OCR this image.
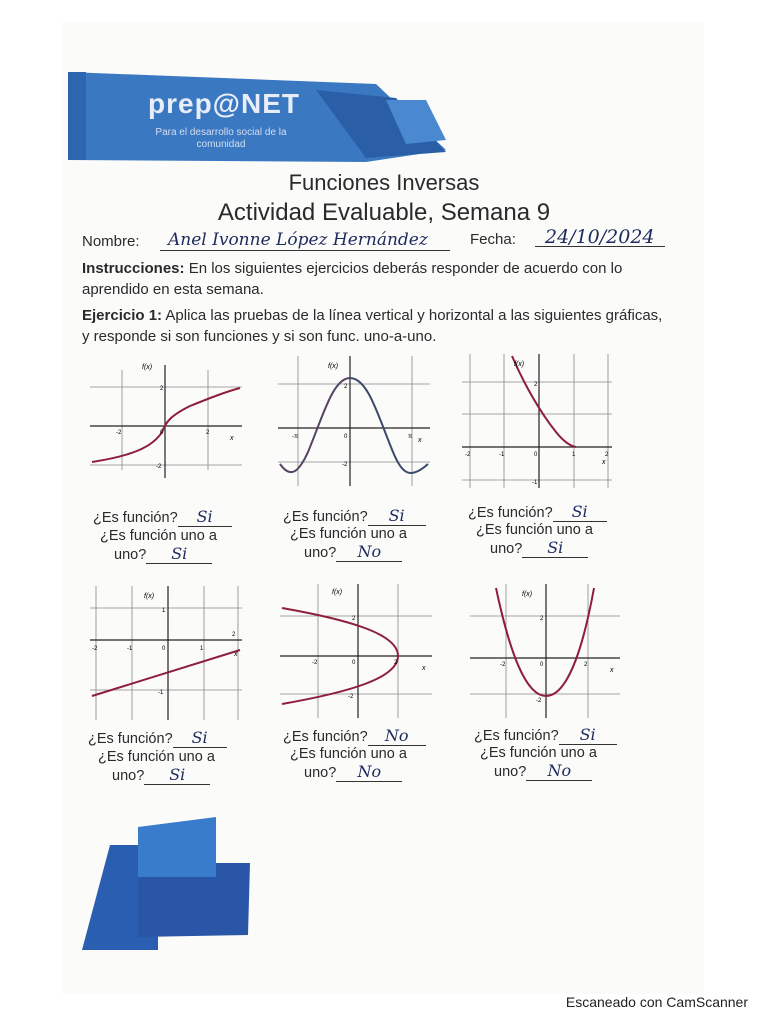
prep@NET
Para el desarrollo social de la comunidad
Funciones Inversas
Actividad Evaluable, Semana 9
Nombre: Anel Ivonne López Hernández	Fecha: 24/10/2024
Instrucciones: En los siguientes ejercicios deberás responder de acuerdo con lo aprendido en esta semana.
Ejercicio 1: Aplica las pruebas de la línea vertical y horizontal a las siguientes gráficas, y responde si son funciones y si son func. uno-a-uno.
f(x)
x
2
-2	0	2
-2
f(x)
x
2
-π	0	π
-2
f(x)
x
2
-2	-1	0	1	2
-1
¿Es función? Si
¿Es función uno a
uno? Si
¿Es función? Si
¿Es función uno a
uno? No
¿Es función? Si
¿Es función uno a
uno? Si
f(x)
x
1
-2	-1	0	1
2
-1
f(x)
x
2
-2	0	2
-2
f(x)
x
2
-2	0	2
-2
¿Es función? Si
¿Es función uno a
uno? Si
¿Es función? No
¿Es función uno a
uno? No
¿Es función? Si
¿Es función uno a
uno? No
Escaneado con CamScanner
